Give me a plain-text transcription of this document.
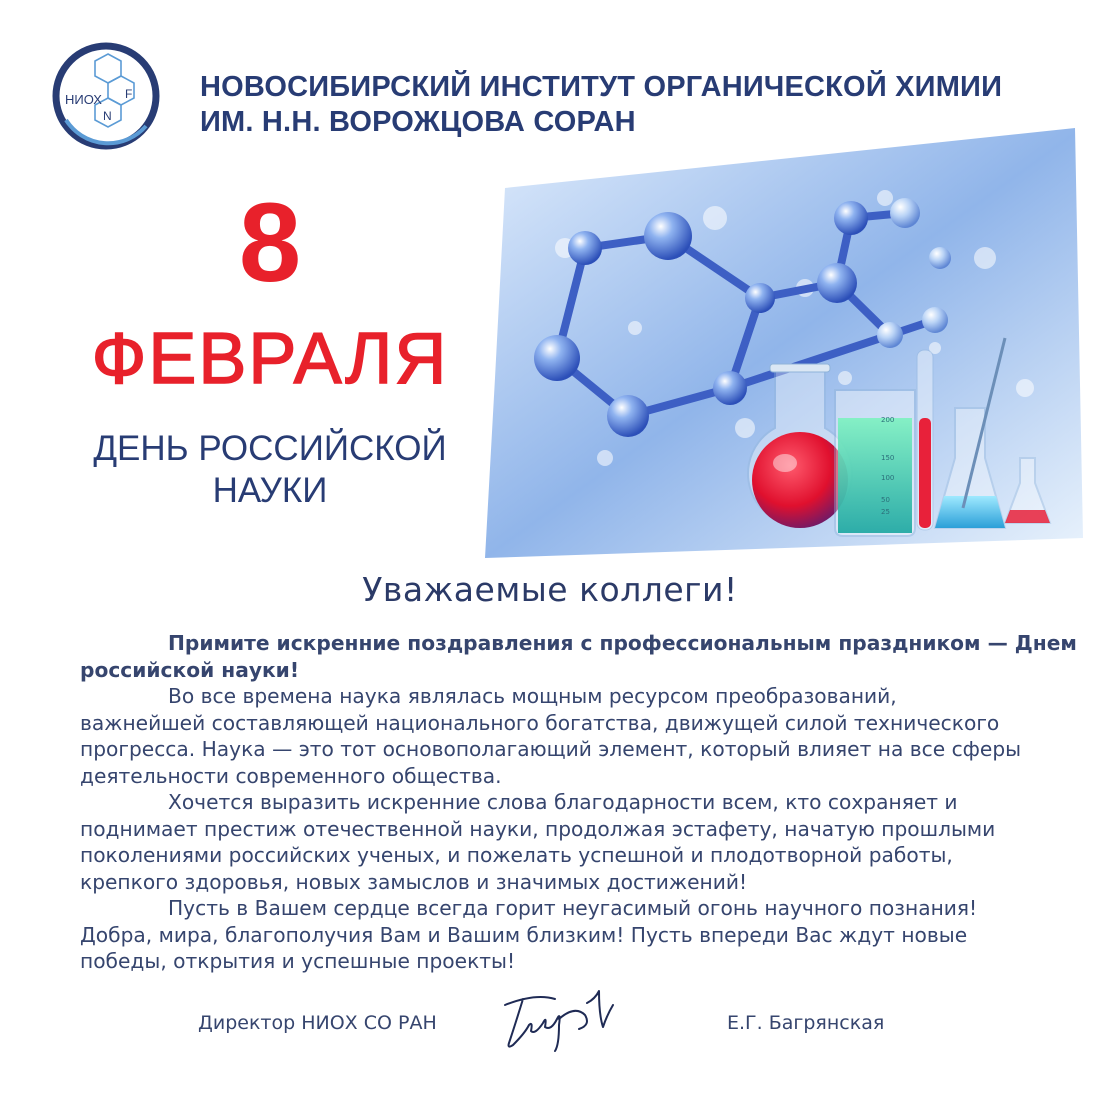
НИОХ F
N
НОВОСИБИРСКИЙ ИНСТИТУТ ОРГАНИЧЕСКОЙ ХИМИИ
ИМ. Н.Н. ВОРОЖЦОВА СОРАН
8
ФЕВРАЛЯ
ДЕНЬ РОССИЙСКОЙ
НАУКИ
200
150
100
50
25
Уважаемые коллеги!

Примите искренние поздравления с профессиональным праздником — Днем
российской науки!

Во все времена наука являлась мощным ресурсом преобразований,
важнейшей составляющей национального богатства, движущей силой технического
прогресса. Наука — это тот основополагающий элемент, который влияет на все сферы
деятельности современного общества.

Хочется выразить искренние слова благодарности всем, кто сохраняет и
поднимает престиж отечественной науки, продолжая эстафету, начатую прошлыми
поколениями российских ученых, и пожелать успешной и плодотворной работы,
крепкого здоровья, новых замыслов и значимых достижений!

Пусть в Вашем сердце всегда горит неугасимый огонь научного познания!
Добра, мира, благополучия Вам и Вашим близким! Пусть впереди Вас ждут новые
победы, открытия и успешные проекты!

Директор НИОХ СО РАН	Е.Г. Багрянская
